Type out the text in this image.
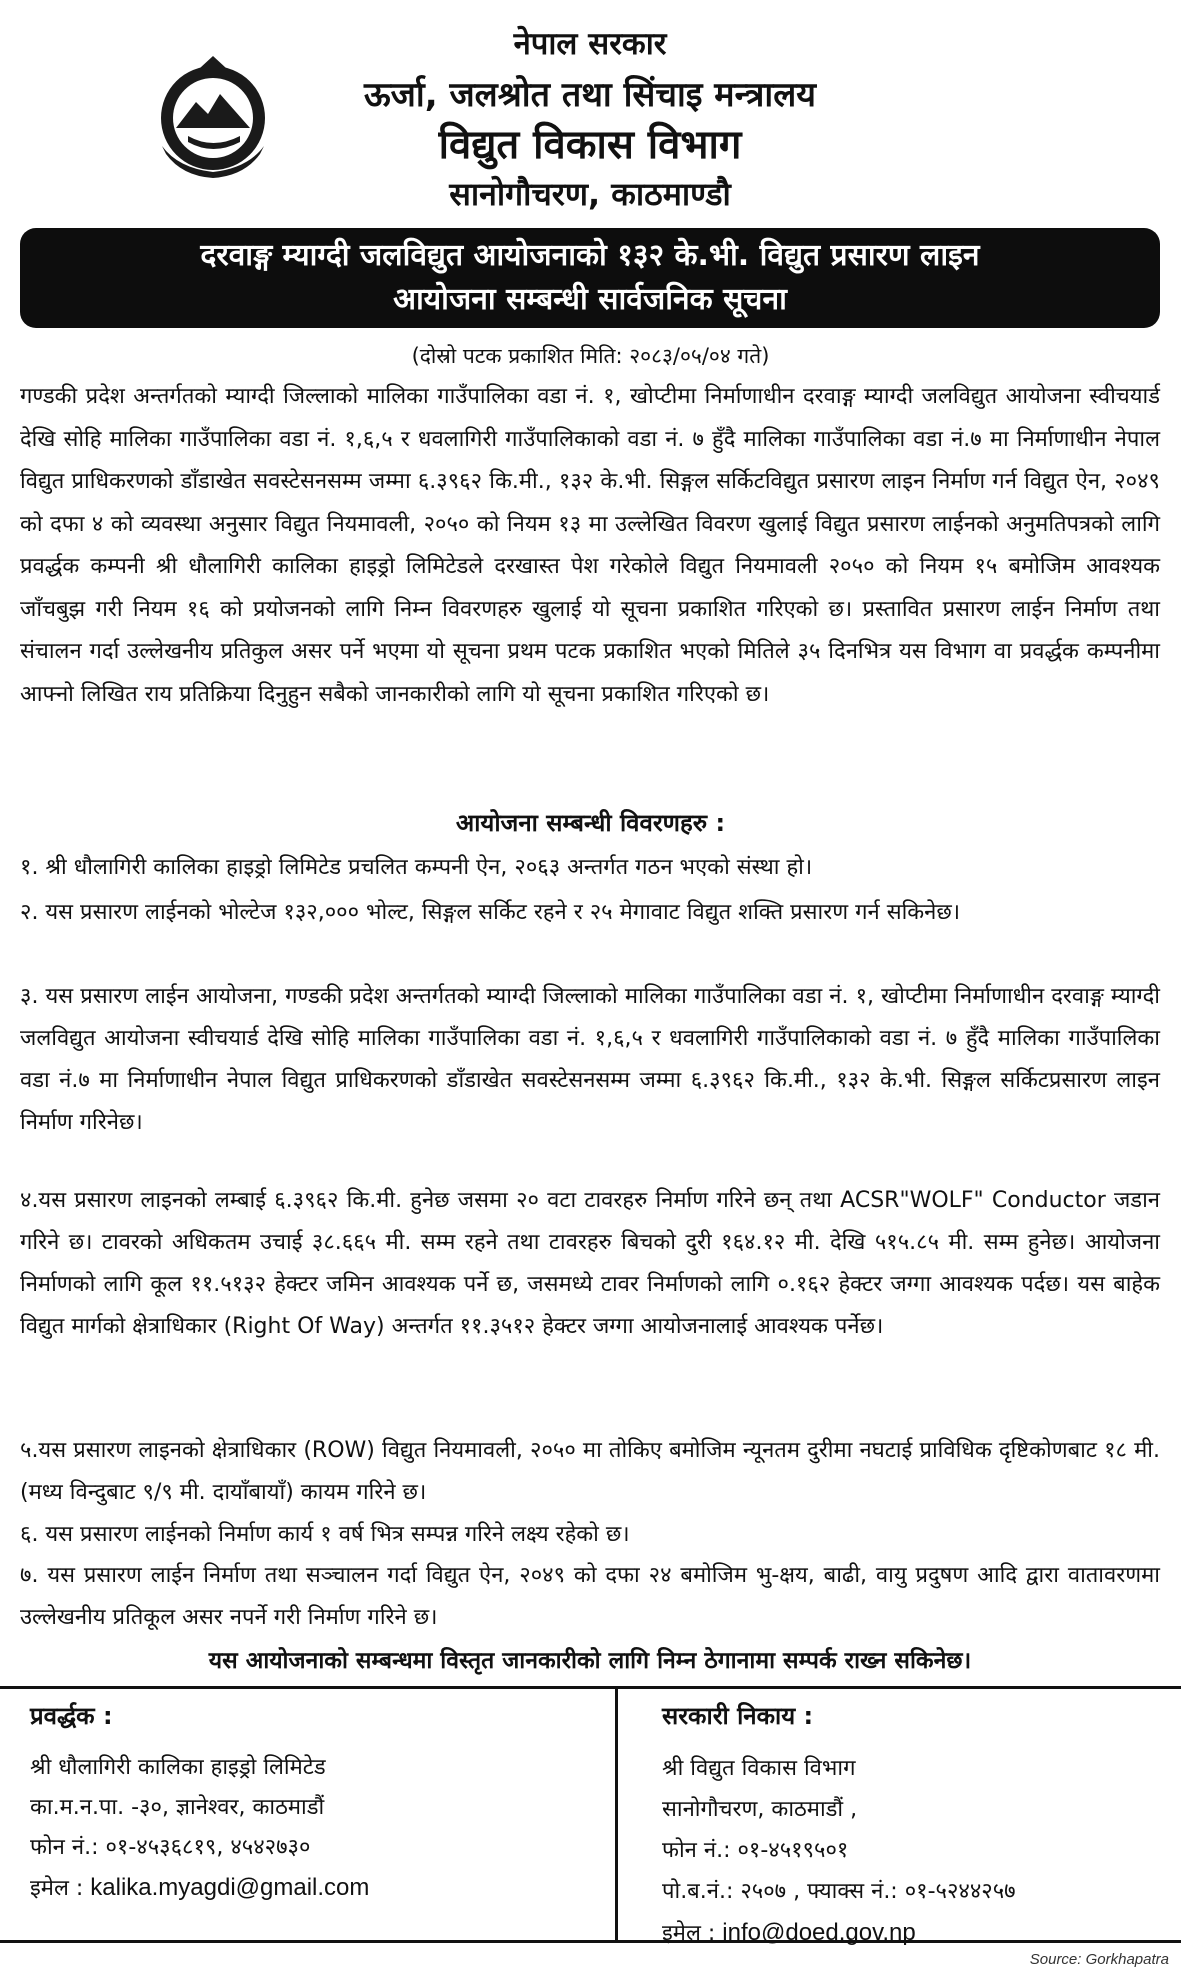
नेपाल सरकार
ऊर्जा, जलश्रोत तथा सिंचाइ मन्त्रालय
विद्युत विकास विभाग
सानोगौचरण, काठमाण्डौ
दरवाङ्ग म्याग्दी जलविद्युत आयोजनाको १३२ के.भी. विद्युत प्रसारण लाइन
आयोजना सम्बन्धी सार्वजनिक सूचना
(दोस्रो पटक प्रकाशित मिति: २०८३/०५/०४ गते)
गण्डकी प्रदेश अन्तर्गतको म्याग्दी जिल्लाको मालिका गाउँपालिका वडा नं. १, खोप्टीमा निर्माणाधीन दरवाङ्ग म्याग्दी जलविद्युत आयोजना स्वीचयार्ड देखि सोहि मालिका गाउँपालिका वडा नं. १,६,५ र धवलागिरी गाउँपालिकाको वडा नं. ७ हुँदै मालिका गाउँपालिका वडा नं.७ मा निर्माणाधीन नेपाल विद्युत प्राधिकरणको डाँडाखेत सवस्टेसनसम्म जम्मा ६.३९६२ कि.मी., १३२ के.भी. सिङ्गल सर्किटविद्युत प्रसारण लाइन निर्माण गर्न विद्युत ऐन, २०४९ को दफा ४ को व्यवस्था अनुसार विद्युत नियमावली, २०५० को नियम १३ मा उल्लेखित विवरण खुलाई विद्युत प्रसारण लाईनको अनुमतिपत्रको लागि प्रवर्द्धक कम्पनी श्री धौलागिरी कालिका हाइड्रो लिमिटेडले दरखास्त पेश गरेकोले विद्युत नियमावली २०५० को नियम १५ बमोजिम आवश्यक जाँचबुझ गरी नियम १६ को प्रयोजनको लागि निम्न विवरणहरु खुलाई यो सूचना प्रकाशित गरिएको छ। प्रस्तावित प्रसारण लाईन निर्माण तथा संचालन गर्दा उल्लेखनीय प्रतिकुल असर पर्ने भएमा यो सूचना प्रथम पटक प्रकाशित भएको मितिले ३५ दिनभित्र यस विभाग वा प्रवर्द्धक कम्पनीमा आफ्नो लिखित राय प्रतिक्रिया दिनुहुन सबैको जानकारीको लागि यो सूचना प्रकाशित गरिएको छ।
आयोजना सम्बन्धी विवरणहरु :
१. श्री धौलागिरी कालिका हाइड्रो लिमिटेड प्रचलित कम्पनी ऐन, २०६३ अन्तर्गत गठन भएको संस्था हो।
२. यस प्रसारण लाईनको भोल्टेज १३२,००० भोल्ट, सिङ्गल सर्किट रहने र २५ मेगावाट विद्युत शक्ति प्रसारण गर्न सकिनेछ।
३. यस प्रसारण लाईन आयोजना, गण्डकी प्रदेश अन्तर्गतको म्याग्दी जिल्लाको मालिका गाउँपालिका वडा नं. १, खोप्टीमा निर्माणाधीन दरवाङ्ग म्याग्दी जलविद्युत आयोजना स्वीचयार्ड देखि सोहि मालिका गाउँपालिका वडा नं. १,६,५ र धवलागिरी गाउँपालिकाको वडा नं. ७ हुँदै मालिका गाउँपालिका वडा नं.७ मा निर्माणाधीन नेपाल विद्युत प्राधिकरणको डाँडाखेत सवस्टेसनसम्म जम्मा ६.३९६२ कि.मी., १३२ के.भी. सिङ्गल सर्किटप्रसारण लाइन निर्माण गरिनेछ।
४.यस प्रसारण लाइनको लम्बाई ६.३९६२ कि.मी. हुनेछ जसमा २० वटा टावरहरु निर्माण गरिने छन् तथा ACSR"WOLF" Conductor जडान गरिने छ। टावरको अधिकतम उचाई ३८.६६५ मी. सम्म रहने तथा टावरहरु बिचको दुरी १६४.१२ मी. देखि ५१५.८५ मी. सम्म हुनेछ। आयोजना निर्माणको लागि कूल ११.५१३२ हेक्टर जमिन आवश्यक पर्ने छ, जसमध्ये टावर निर्माणको लागि ०.१६२ हेक्टर जग्गा आवश्यक पर्दछ। यस बाहेक विद्युत मार्गको क्षेत्राधिकार (Right Of Way) अन्तर्गत ११.३५१२ हेक्टर जग्गा आयोजनालाई आवश्यक पर्नेछ।
५.यस प्रसारण लाइनको क्षेत्राधिकार (ROW) विद्युत नियमावली, २०५० मा तोकिए बमोजिम न्यूनतम दुरीमा नघटाई प्राविधिक दृष्टिकोणबाट १८ मी. (मध्य विन्दुबाट ९/९ मी. दायाँबायाँ) कायम गरिने छ।
६. यस प्रसारण लाईनको निर्माण कार्य १ वर्ष भित्र सम्पन्न गरिने लक्ष्य रहेको छ।
७. यस प्रसारण लाईन निर्माण तथा सञ्चालन गर्दा विद्युत ऐन, २०४९ को दफा २४ बमोजिम भु-क्षय, बाढी, वायु प्रदुषण आदि द्वारा वातावरणमा उल्लेखनीय प्रतिकूल असर नपर्ने गरी निर्माण गरिने छ।
यस आयोजनाको सम्बन्धमा विस्तृत जानकारीको लागि निम्न ठेगानामा सम्पर्क राख्न सकिनेछ।
प्रवर्द्धक :
श्री धौलागिरी कालिका हाइड्रो लिमिटेड
का.म.न.पा. -३०, ज्ञानेश्वर, काठमाडौं
फोन नं.: ०१-४५३६८१९, ४५४२७३०
इमेल : kalika.myagdi@gmail.com
सरकारी निकाय :
श्री विद्युत विकास विभाग
सानोगौचरण, काठमाडौं ,
फोन नं.: ०१-४५१९५०१
पो.ब.नं.: २५०७ , फ्याक्स नं.: ०१-५२४४२५७
इमेल : info@doed.gov.np
Source: Gorkhapatra
